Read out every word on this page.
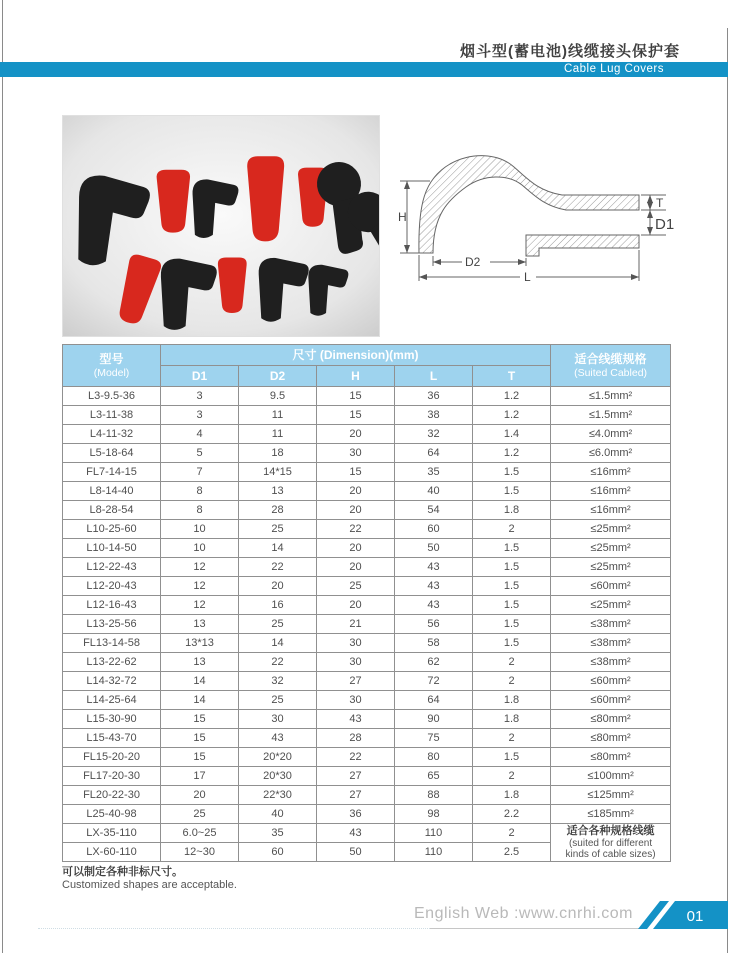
烟斗型(蓄电池)线缆接头保护套
Cable Lug Covers
H
D2
L
T
D1
型号
(Model)
	尺寸 (Dimension)(mm)	适合线缆规格
(Suited Cabled)

	D1	D2	H	L	T	
L3-9.5-36	3	9.5	15	36	1.2	≤1.5mm²
L3-11-38	3	11	15	38	1.2	≤1.5mm²
L4-11-32	4	11	20	32	1.4	≤4.0mm²
L5-18-64	5	18	30	64	1.2	≤6.0mm²
FL7-14-15	7	14*15	15	35	1.5	≤16mm²
L8-14-40	8	13	20	40	1.5	≤16mm²
L8-28-54	8	28	20	54	1.8	≤16mm²
L10-25-60	10	25	22	60	2	≤25mm²
L10-14-50	10	14	20	50	1.5	≤25mm²
L12-22-43	12	22	20	43	1.5	≤25mm²
L12-20-43	12	20	25	43	1.5	≤60mm²
L12-16-43	12	16	20	43	1.5	≤25mm²
L13-25-56	13	25	21	56	1.5	≤38mm²
FL13-14-58	13*13	14	30	58	1.5	≤38mm²
L13-22-62	13	22	30	62	2	≤38mm²
L14-32-72	14	32	27	72	2	≤60mm²
L14-25-64	14	25	30	64	1.8	≤60mm²
L15-30-90	15	30	43	90	1.8	≤80mm²
L15-43-70	15	43	28	75	2	≤80mm²
FL15-20-20	15	20*20	22	80	1.5	≤80mm²
FL17-20-30	17	20*30	27	65	2	≤100mm²
FL20-22-30	20	22*30	27	88	1.8	≤125mm²
L25-40-98	25	40	36	98	2.2	≤185mm²
LX-35-110	6.0~25	35	43	110	2	适合各种规格线缆
(suited for different
kinds of cable sizes)

LX-60-110	12~30	60	50	110	2.5	
可以制定各种非标尺寸。
Customized shapes are acceptable.
English Web :www.cnrhi.com	01
